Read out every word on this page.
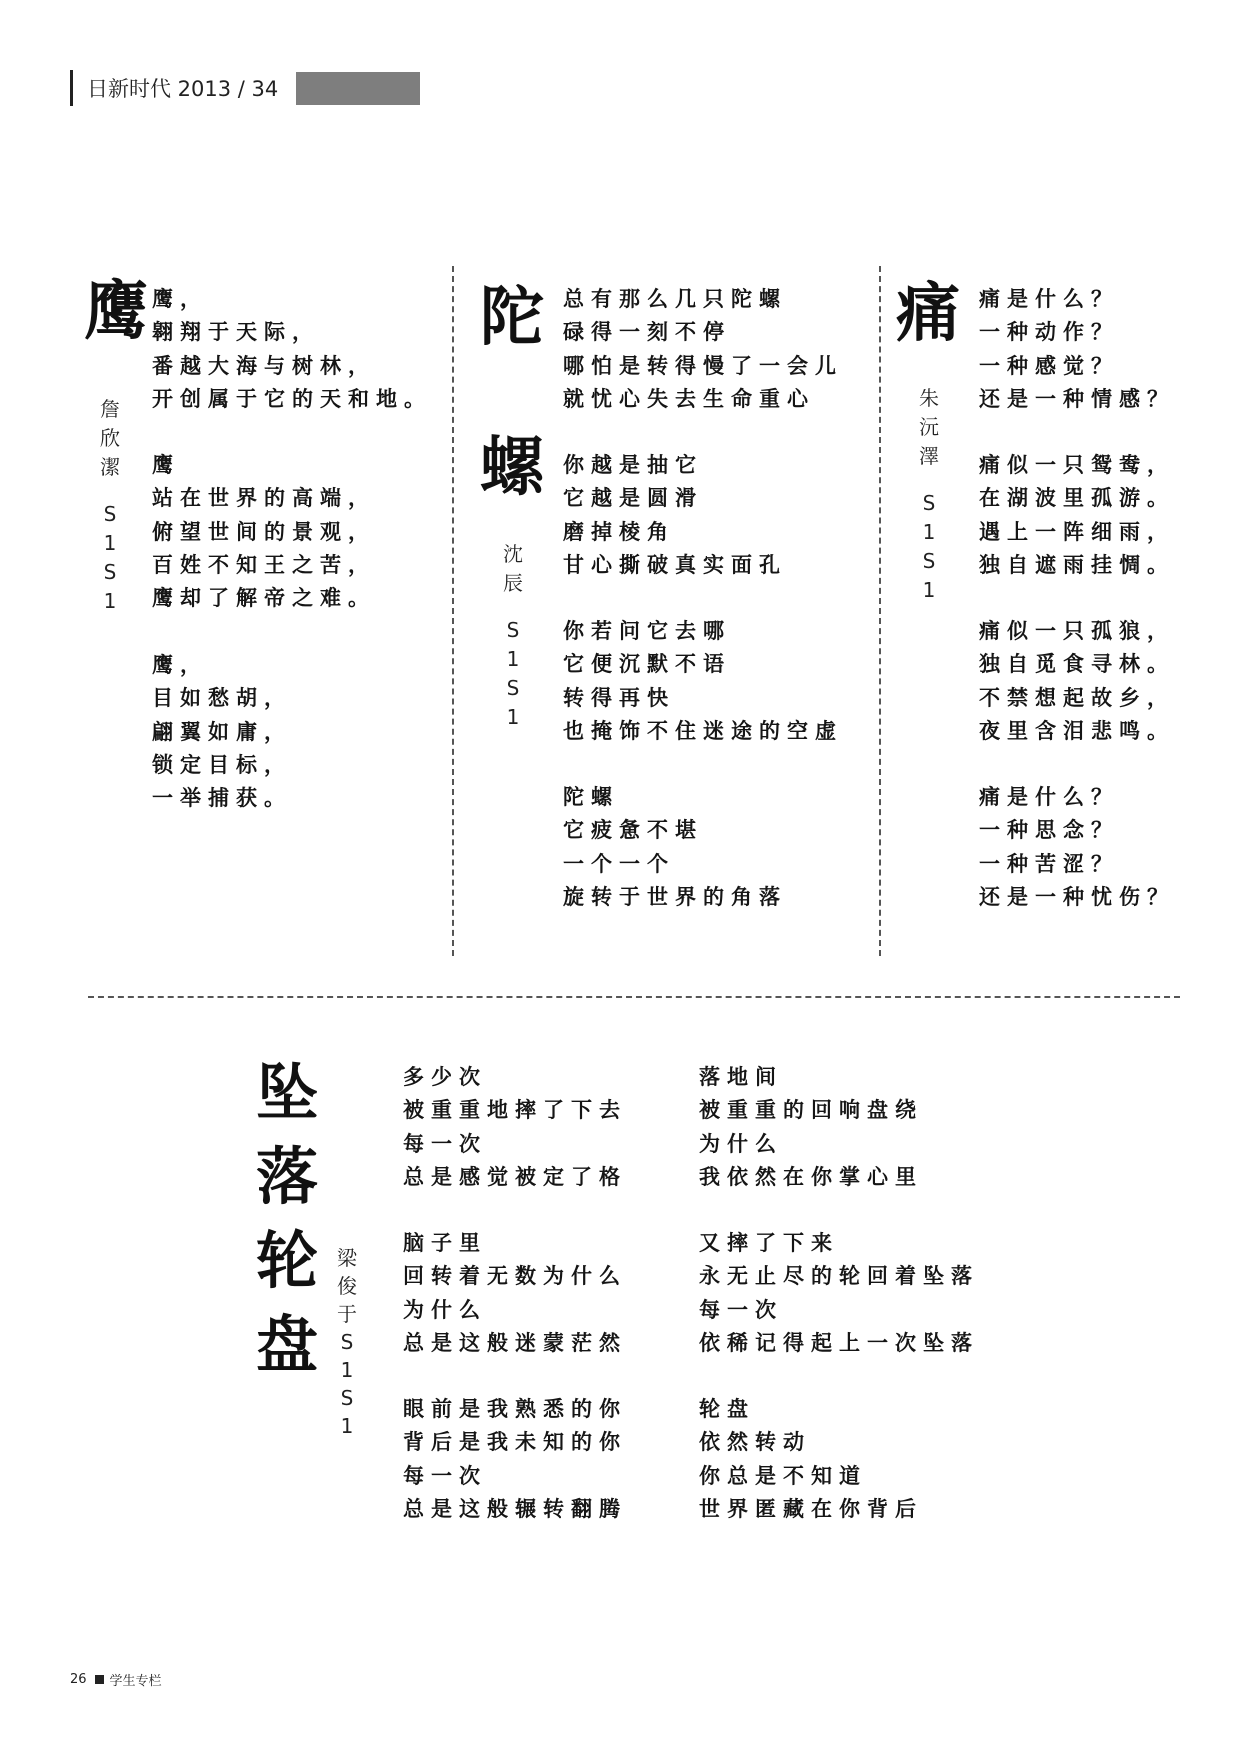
日新时代 2013 / 34
鹰
詹
欣
潔
S
1
S
1
鹰，
翱翔于天际，
番越大海与树林，
开创属于它的天和地。
鹰
站在世界的高端，
俯望世间的景观，
百姓不知王之苦，
鹰却了解帝之难。
鹰，
目如愁胡，
翩翼如庸，
锁定目标，
一举捕获。
陀
螺
沈
辰
S
1
S
1
总有那么几只陀螺
碌得一刻不停
哪怕是转得慢了一会儿
就忧心失去生命重心
你越是抽它
它越是圆滑
磨掉棱角
甘心撕破真实面孔
你若问它去哪
它便沉默不语
转得再快
也掩饰不住迷途的空虚
陀螺
它疲惫不堪
一个一个
旋转于世界的角落
痛
朱
沅
澤
S
1
S
1
痛是什么？
一种动作？
一种感觉？
还是一种情感？
痛似一只鸳鸯，
在湖波里孤游。
遇上一阵细雨，
独自遮雨挂惆。
痛似一只孤狼，
独自觅食寻林。
不禁想起故乡，
夜里含泪悲鸣。
痛是什么？
一种思念？
一种苦涩？
还是一种忧伤？
坠
落
轮
盘
梁
俊
于
S
1
S
1
多少次
被重重地摔了下去
每一次
总是感觉被定了格
脑子里
回转着无数为什么
为什么
总是这般迷蒙茫然
眼前是我熟悉的你
背后是我未知的你
每一次
总是这般辗转翻腾
落地间
被重重的回响盘绕
为什么
我依然在你掌心里
又摔了下来
永无止尽的轮回着坠落
每一次
依稀记得起上一次坠落
轮盘
依然转动
你总是不知道
世界匿藏在你背后
26 学生专栏
